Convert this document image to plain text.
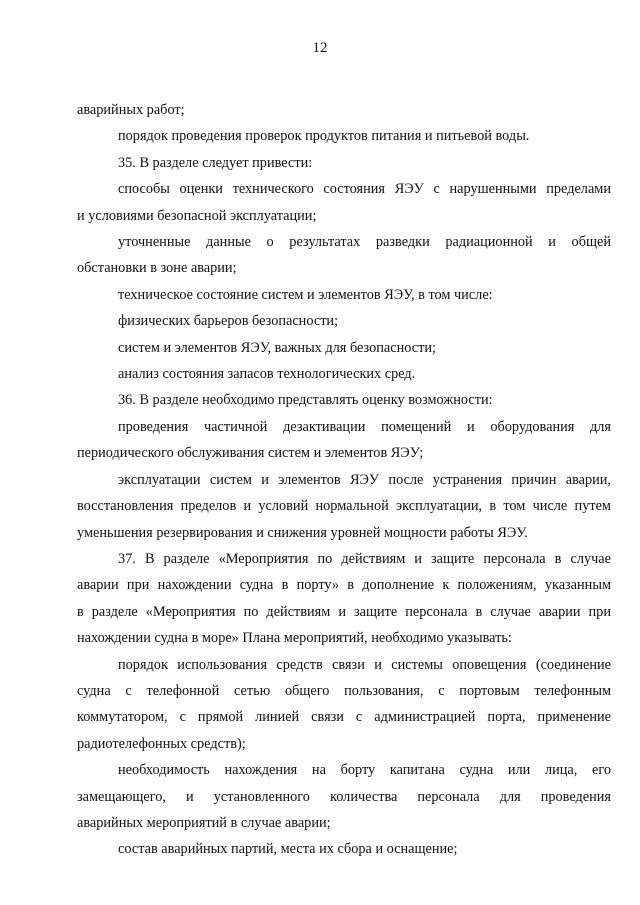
12

аварийных работ;

порядок проведения проверок продуктов питания и питьевой воды.

35. В разделе следует привести:

способы оценки технического состояния ЯЭУ с нарушенными пределами

и условиями безопасной эксплуатации;

уточненные данные о результатах разведки радиационной и общей

обстановки в зоне аварии;

техническое состояние систем и элементов ЯЭУ, в том числе:

физических барьеров безопасности;

систем и элементов ЯЭУ, важных для безопасности;

анализ состояния запасов технологических сред.

36. В разделе необходимо представлять оценку возможности:

проведения частичной дезактивации помещений и оборудования для

периодического обслуживания систем и элементов ЯЭУ;

эксплуатации систем и элементов ЯЭУ после устранения причин аварии,

восстановления пределов и условий нормальной эксплуатации, в том числе путем

уменьшения резервирования и снижения уровней мощности работы ЯЭУ.

37. В разделе «Мероприятия по действиям и защите персонала в случае

аварии при нахождении судна в порту» в дополнение к положениям, указанным

в разделе «Мероприятия по действиям и защите персонала в случае аварии при

нахождении судна в море» Плана мероприятий, необходимо указывать:

порядок использования средств связи и системы оповещения (соединение

судна с телефонной сетью общего пользования, с портовым телефонным

коммутатором, с прямой линией связи с администрацией порта, применение

радиотелефонных средств);

необходимость нахождения на борту капитана судна или лица, его

замещающего, и установленного количества персонала для проведения

аварийных мероприятий в случае аварии;

состав аварийных партий, места их сбора и оснащение;
